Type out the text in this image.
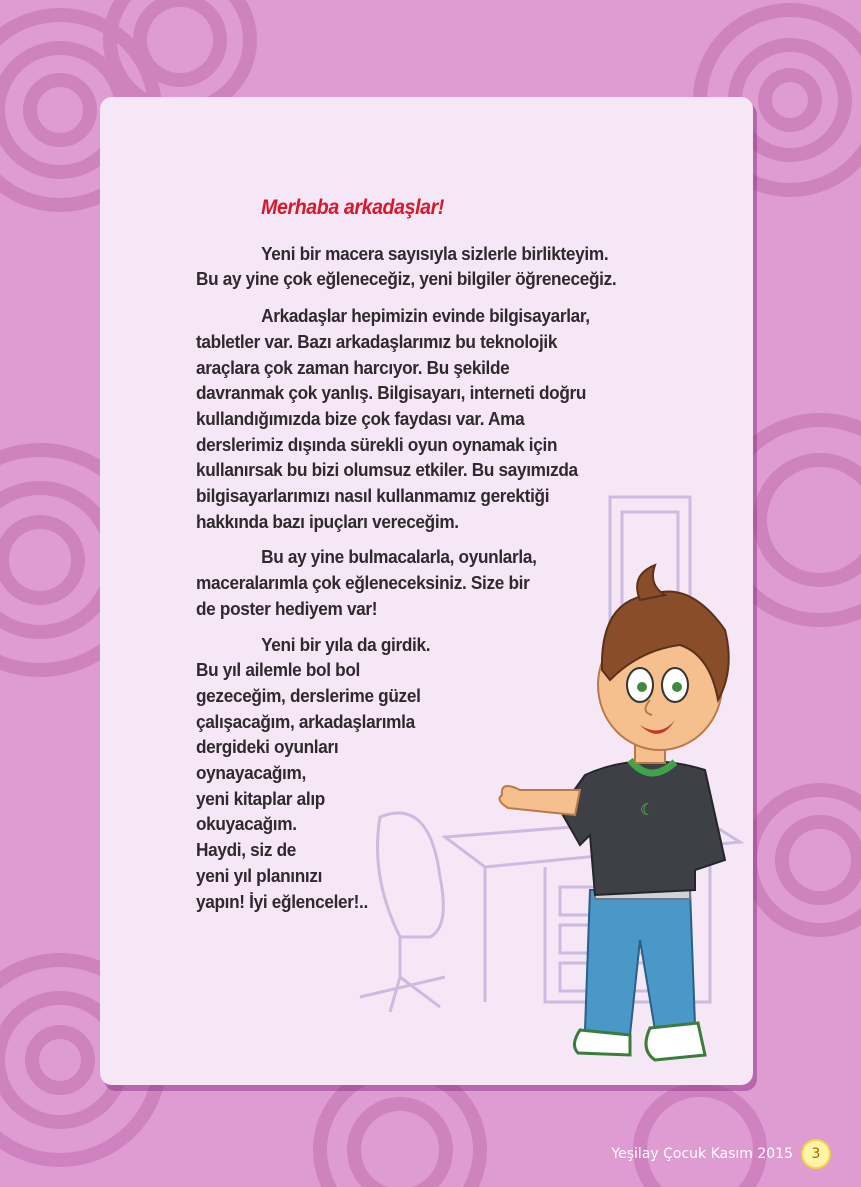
Merhaba arkadaşlar!
Yeni bir macera sayısıyla sizlerle birlikteyim.
Bu ay yine çok eğleneceğiz, yeni bilgiler öğreneceğiz.
Arkadaşlar hepimizin evinde bilgisayarlar,
tabletler var. Bazı arkadaşlarımız bu teknolojik
araçlara çok zaman harcıyor. Bu şekilde
davranmak çok yanlış. Bilgisayarı, interneti doğru
kullandığımızda bize çok faydası var. Ama
derslerimiz dışında sürekli oyun oynamak için
kullanırsak bu bizi olumsuz etkiler. Bu sayımızda
bilgisayarlarımızı nasıl kullanmamız gerektiği
hakkında bazı ipuçları vereceğim.
Bu ay yine bulmacalarla, oyunlarla,
maceralarımla çok eğleneceksiniz. Size bir
de poster hediyem var!
Yeni bir yıla da girdik.
Bu yıl ailemle bol bol
gezeceğim, derslerime güzel
çalışacağım, arkadaşlarımla
dergideki oyunları
oynayacağım,
yeni kitaplar alıp
okuyacağım.
Haydi, siz de
yeni yıl planınızı
yapın! İyi eğlenceler!..
☾
Yeşilay Çocuk Kasım 2015	3
